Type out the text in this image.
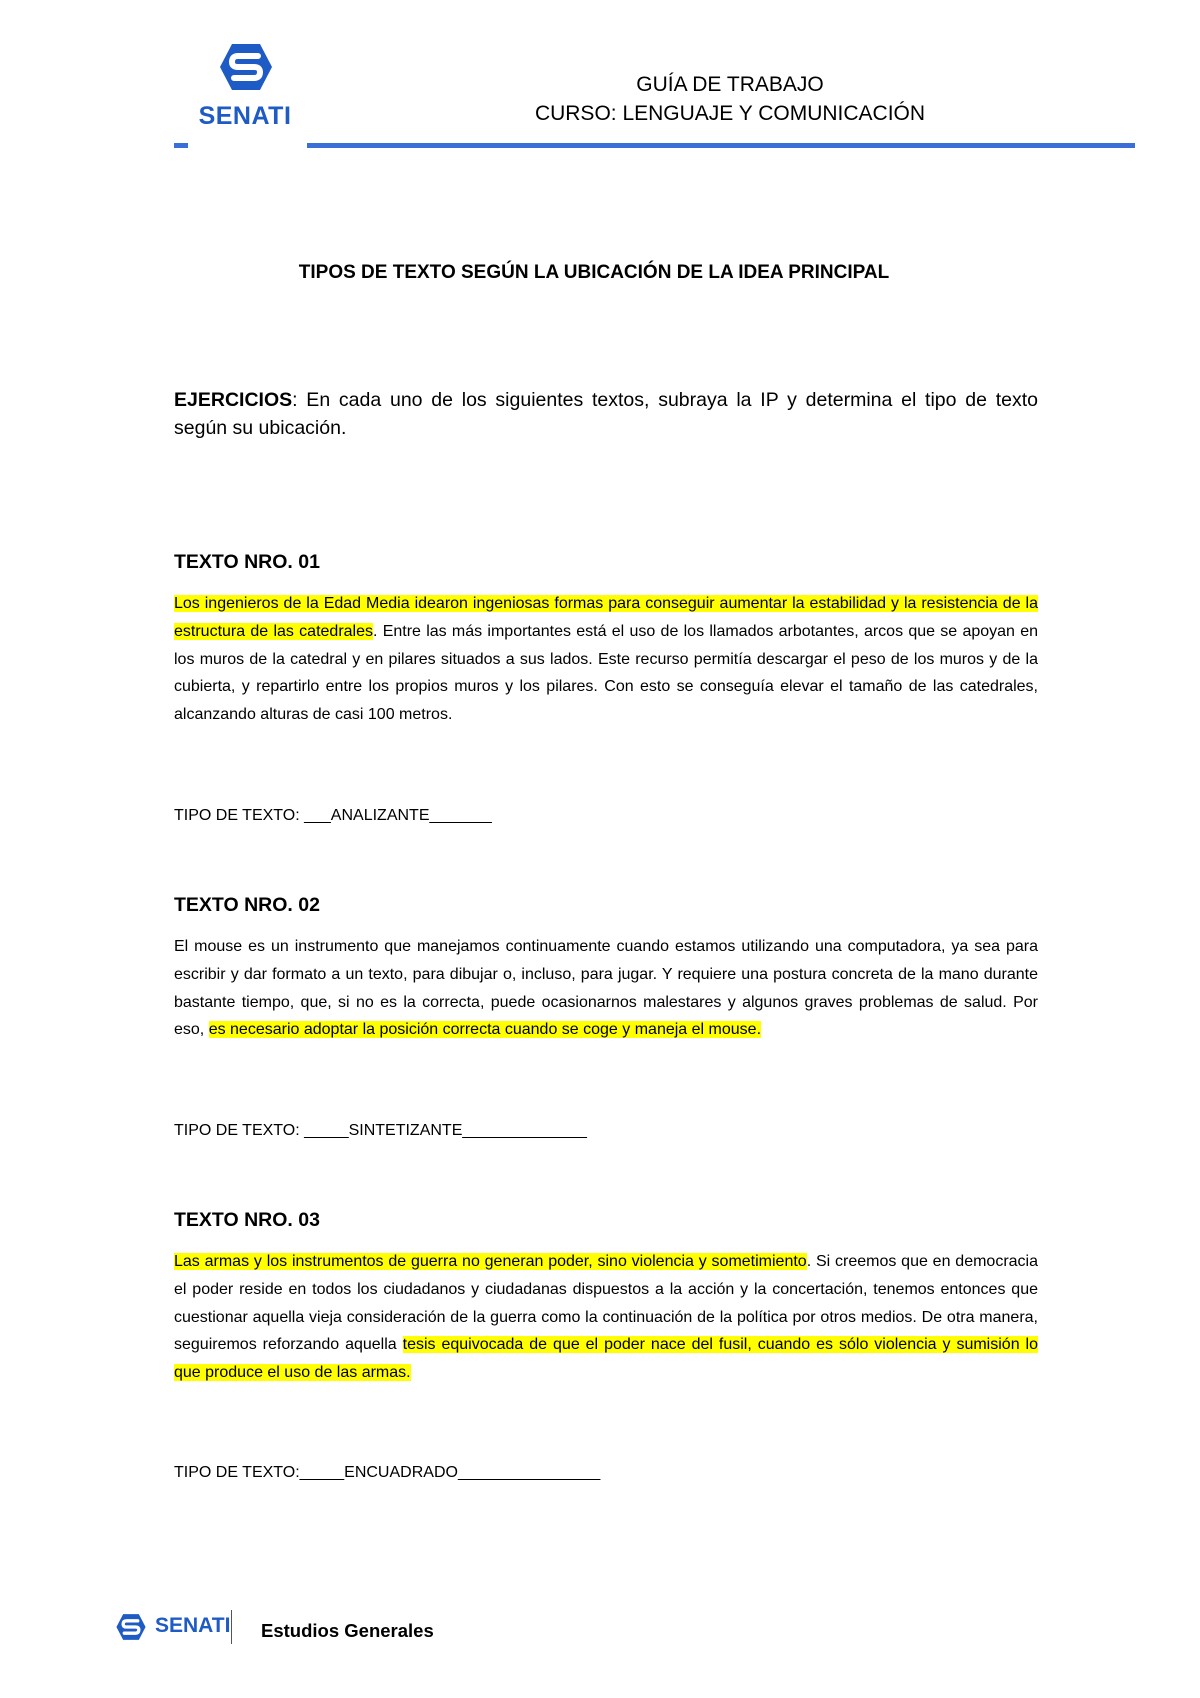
SENATI
GUÍA DE TRABAJO
CURSO: LENGUAJE Y COMUNICACIÓN
TIPOS DE TEXTO SEGÚN LA UBICACIÓN DE LA IDEA PRINCIPAL

EJERCICIOS: En cada uno de los siguientes textos, subraya la IP y determina el tipo de texto según su ubicación.

TEXTO NRO. 01

Los ingenieros de la Edad Media idearon ingeniosas formas para conseguir aumentar la estabilidad y la resistencia de la estructura de las catedrales. Entre las más importantes está el uso de los llamados arbotantes, arcos que se apoyan en los muros de la catedral y en pilares situados a sus lados. Este recurso permitía descargar el peso de los muros y de la cubierta, y repartirlo entre los propios muros y los pilares. Con esto se conseguía elevar el tamaño de las catedrales, alcanzando alturas de casi 100 metros.

TIPO DE TEXTO: ___ANALIZANTE_______

TEXTO NRO. 02

El mouse es un instrumento que manejamos continuamente cuando estamos utilizando una computadora, ya sea para escribir y dar formato a un texto, para dibujar o, incluso, para jugar. Y requiere una postura concreta de la mano durante bastante tiempo, que, si no es la correcta, puede ocasionarnos malestares y algunos graves problemas de salud. Por eso, es necesario adoptar la posición correcta cuando se coge y maneja el mouse.

TIPO DE TEXTO: _____SINTETIZANTE______________

TEXTO NRO. 03

Las armas y los instrumentos de guerra no generan poder, sino violencia y sometimiento. Si creemos que en democracia el poder reside en todos los ciudadanos y ciudadanas dispuestos a la acción y la concertación, tenemos entonces que cuestionar aquella vieja consideración de la guerra como la continuación de la política por otros medios. De otra manera, seguiremos reforzando aquella tesis equivocada de que el poder nace del fusil, cuando es sólo violencia y sumisión lo que produce el uso de las armas.

TIPO DE TEXTO:_____ENCUADRADO________________

SENATI Estudios Generales
